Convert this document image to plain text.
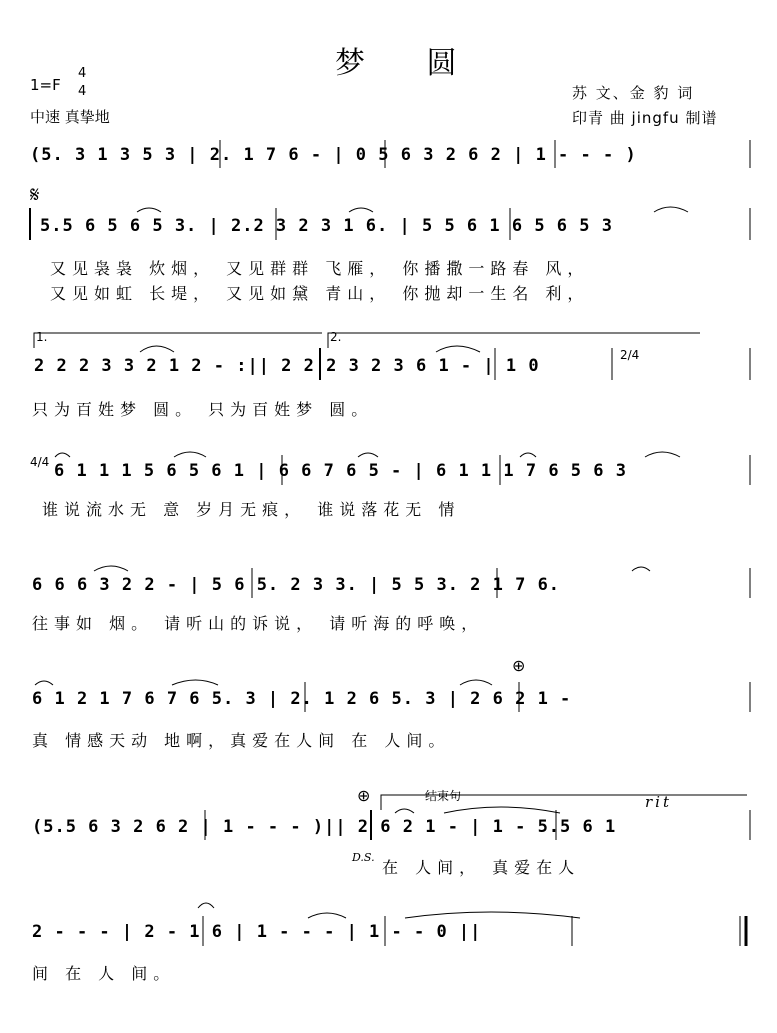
梦 圆
1=F
4
4
中速 真挚地
苏 文、金 豹 词
印青 曲 jingfu 制谱
(5. 3 1 3 5 3 | 2. 1 7 6 - | 0 5 6 3 2 6 2 | 1 - - - )
𝄋
5.5 6 5 6 5 3. | 2.2 3 2 3 1 6. | 5 5 6 1 6 5 6 5 3
又见袅袅 炊烟， 又见群群 飞雁， 你播撒一路春 风，
又见如虹 长堤， 又见如黛 青山， 你抛却一生名 利，
1.	2.
2 2 2 3 3 2 1 2 - :|| 2 2 2 3 2 3 6 1 - | 1 0
2/4
只为百姓梦 圆。 只为百姓梦 圆。
4/4 6 1 1 1 5 6 5 6 1 | 6 6 7 6 5 - | 6 1 1 1 7 6 5 6 3
谁说流水无 意 岁月无痕， 谁说落花无 情
6 6 6 3 2 2 - | 5 6 5. 2 3 3. | 5 5 3. 2 1 7 6.
往事如 烟。 请听山的诉说， 请听海的呼唤，
⊕
6 1 2 1 7 6 7 6 5. 3 | 2. 1 2 6 5. 3 | 2 6 2 1 -
真 情感天动 地啊，真爱在人间 在 人间。
⊕	结束句	rit
(5.5 6 3 2 6 2 | 1 - - - )|| 2 6 2 1 - | 1 - 5.5 6 1
D.S.
在 人间， 真爱在人
2 - - - | 2 - 1 6 | 1 - - - | 1 - - 0 ||
间 在 人 间。
